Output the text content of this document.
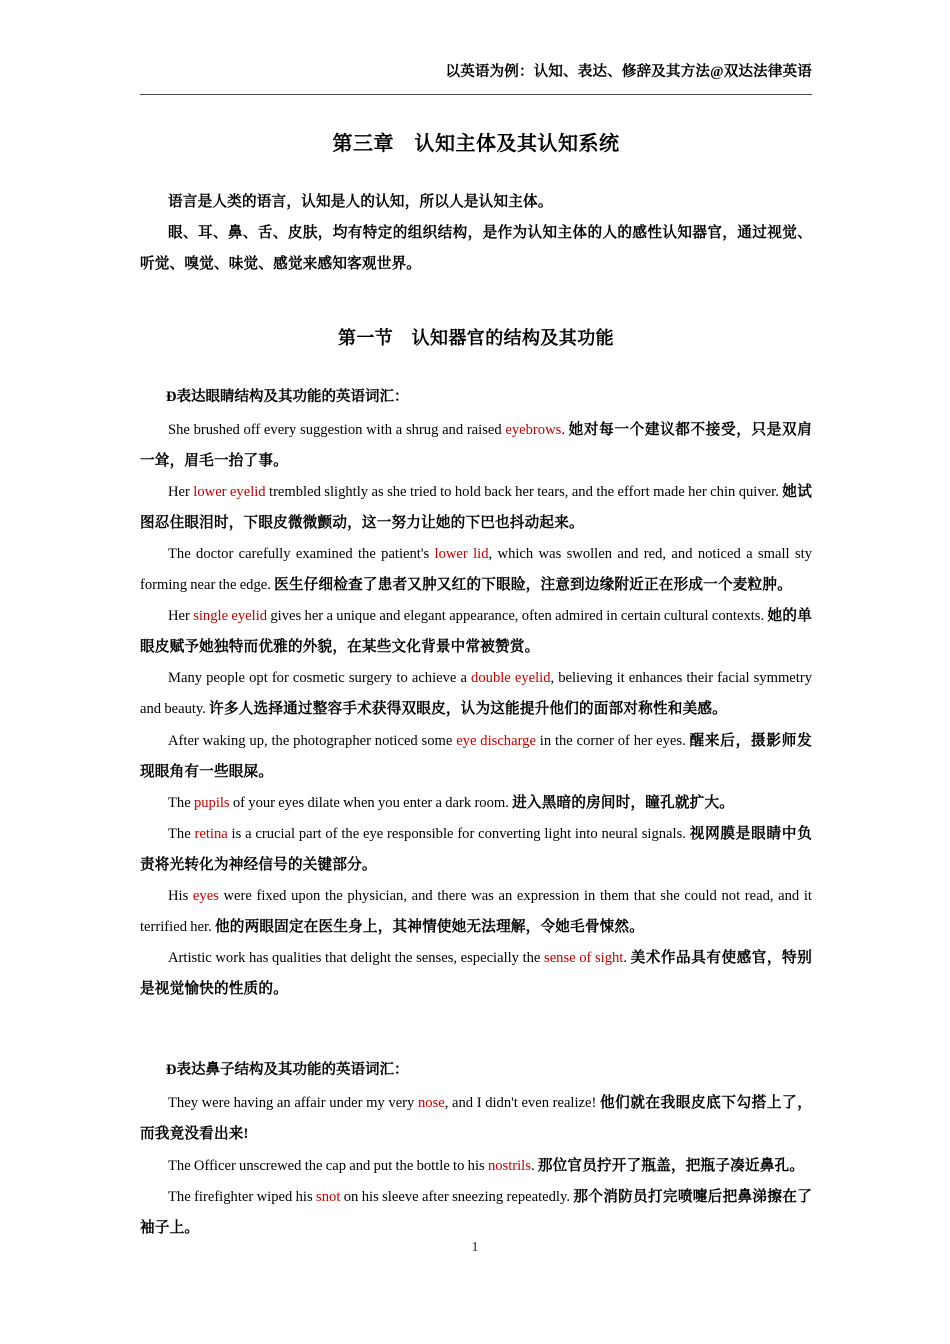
以英语为例：认知、表达、修辞及其方法@双达法律英语
第三章　认知主体及其认知系统

语言是人类的语言，认知是人的认知，所以人是认知主体。

眼、耳、鼻、舌、皮肤，均有特定的组织结构，是作为认知主体的人的感性认知器官，通过视觉、听觉、嗅觉、味觉、感觉来感知客观世界。

第一节　认知器官的结构及其功能
Ð表达眼睛结构及其功能的英语词汇：

She brushed off every suggestion with a shrug and raised eyebrows. 她对每一个建议都不接受，只是双肩一耸，眉毛一抬了事。

Her lower eyelid trembled slightly as she tried to hold back her tears, and the effort made her chin quiver. 她试图忍住眼泪时，下眼皮微微颤动，这一努力让她的下巴也抖动起来。

The doctor carefully examined the patient's lower lid, which was swollen and red, and noticed a small sty forming near the edge. 医生仔细检查了患者又肿又红的下眼睑，注意到边缘附近正在形成一个麦粒肿。

Her single eyelid gives her a unique and elegant appearance, often admired in certain cultural contexts. 她的单眼皮赋予她独特而优雅的外貌，在某些文化背景中常被赞赏。

Many people opt for cosmetic surgery to achieve a double eyelid, believing it enhances their facial symmetry and beauty. 许多人选择通过整容手术获得双眼皮，认为这能提升他们的面部对称性和美感。

After waking up, the photographer noticed some eye discharge in the corner of her eyes. 醒来后，摄影师发现眼角有一些眼屎。

The pupils of your eyes dilate when you enter a dark room. 进入黑暗的房间时，瞳孔就扩大。

The retina is a crucial part of the eye responsible for converting light into neural signals. 视网膜是眼睛中负责将光转化为神经信号的关键部分。

His eyes were fixed upon the physician, and there was an expression in them that she could not read, and it terrified her. 他的两眼固定在医生身上，其神情使她无法理解，令她毛骨悚然。

Artistic work has qualities that delight the senses, especially the sense of sight. 美术作品具有使感官，特别是视觉愉快的性质的。

Ð表达鼻子结构及其功能的英语词汇：

They were having an affair under my very nose, and I didn't even realize! 他们就在我眼皮底下勾搭上了，而我竟没看出来!

The Officer unscrewed the cap and put the bottle to his nostrils. 那位官员拧开了瓶盖，把瓶子凑近鼻孔。

The firefighter wiped his snot on his sleeve after sneezing repeatedly. 那个消防员打完喷嚏后把鼻涕擦在了袖子上。

1
